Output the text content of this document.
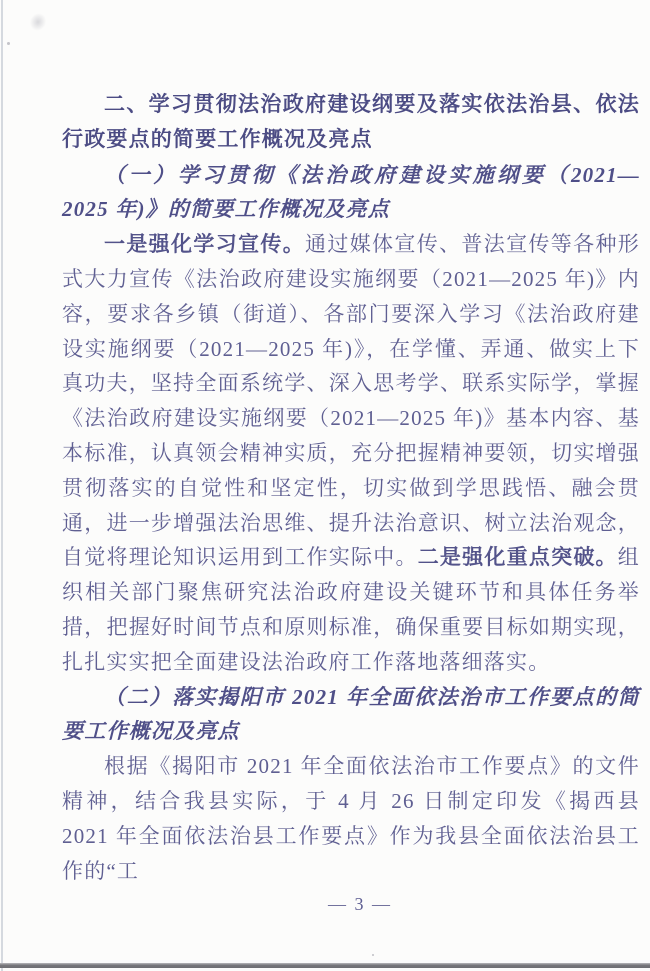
二、学习贯彻法治政府建设纲要及落实依法治县、依法行政要点的简要工作概况及亮点

（一）学习贯彻《法治政府建设实施纲要（2021—2025 年)》的简要工作概况及亮点

一是强化学习宣传。通过媒体宣传、普法宣传等各种形式大力宣传《法治政府建设实施纲要（2021—2025 年)》内容，要求各乡镇（街道）、各部门要深入学习《法治政府建设实施纲要（2021—2025 年)》，在学懂、弄通、做实上下真功夫，坚持全面系统学、深入思考学、联系实际学，掌握《法治政府建设实施纲要（2021—2025 年)》基本内容、基本标准，认真领会精神实质，充分把握精神要领，切实增强贯彻落实的自觉性和坚定性，切实做到学思践悟、融会贯通，进一步增强法治思维、提升法治意识、树立法治观念，自觉将理论知识运用到工作实际中。二是强化重点突破。组织相关部门聚焦研究法治政府建设关键环节和具体任务举措，把握好时间节点和原则标准，确保重要目标如期实现，扎扎实实把全面建设法治政府工作落地落细落实。

（二）落实揭阳市 2021 年全面依法治市工作要点的简要工作概况及亮点

根据《揭阳市 2021 年全面依法治市工作要点》的文件精神，结合我县实际，于 4 月 26 日制定印发《揭西县 2021 年全面依法治县工作要点》作为我县全面依法治县工作的“工

— 3 —
